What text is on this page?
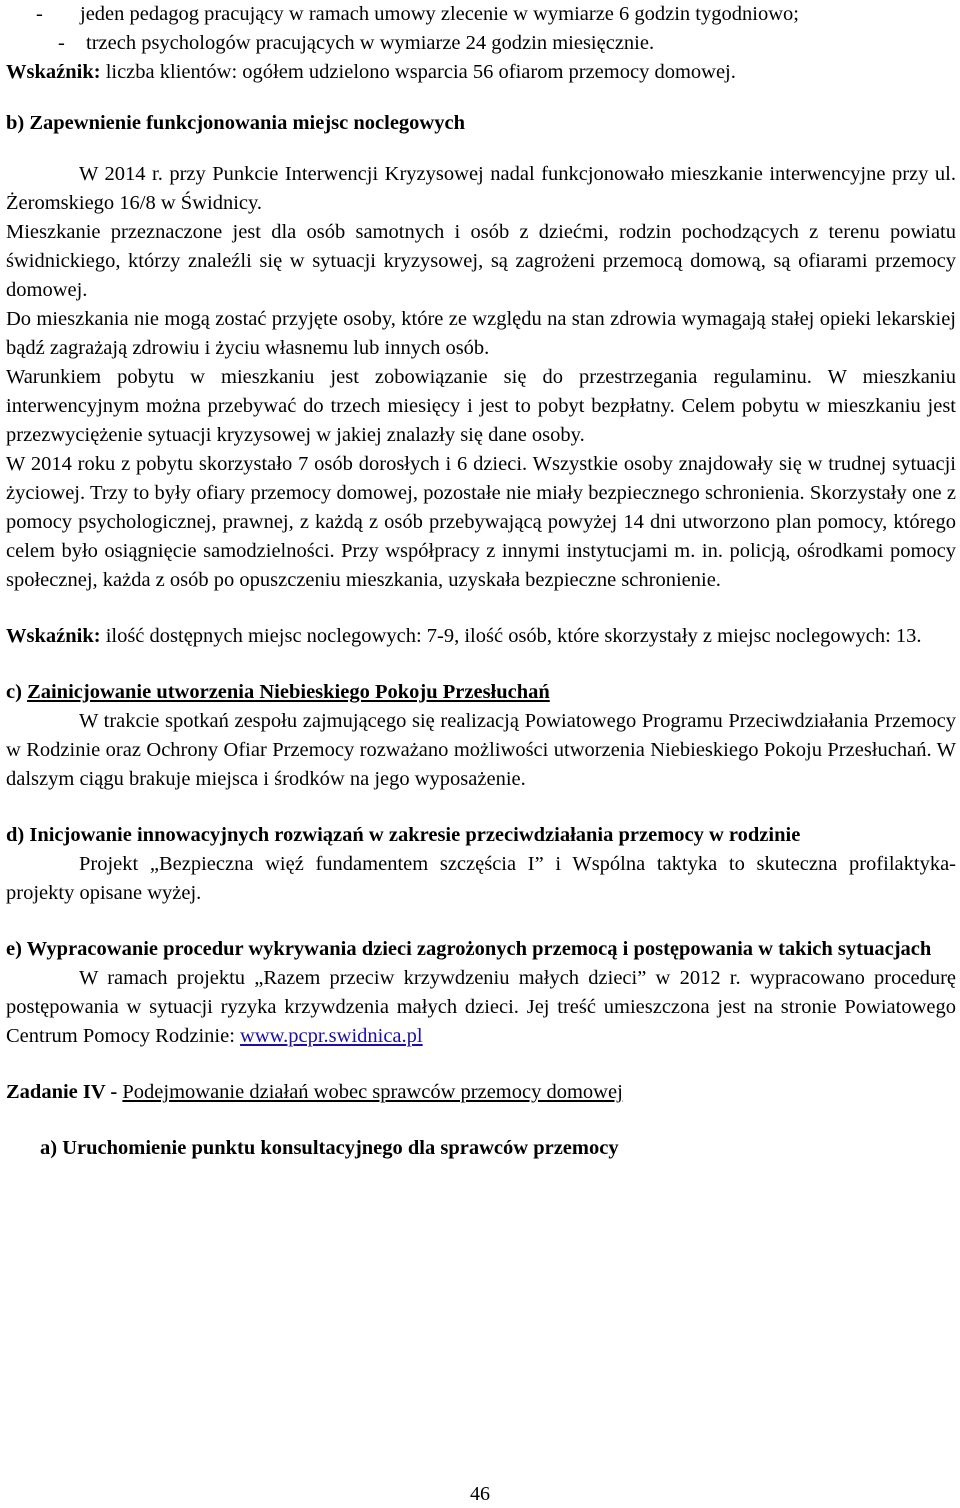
-	jeden pedagog pracujący w ramach umowy zlecenie w wymiarze 6 godzin tygodniowo;
-	trzech psychologów pracujących w wymiarze 24 godzin miesięcznie.

Wskaźnik: liczba klientów: ogółem udzielono wsparcia 56 ofiarom przemocy domowej.

b) Zapewnienie funkcjonowania miejsc noclegowych

W 2014 r. przy Punkcie Interwencji Kryzysowej nadal funkcjonowało mieszkanie interwencyjne przy ul. Żeromskiego 16/8 w Świdnicy.

Mieszkanie przeznaczone jest dla osób samotnych i osób z dziećmi, rodzin pochodzących z terenu powiatu świdnickiego, którzy znaleźli się w sytuacji kryzysowej, są zagrożeni przemocą domową, są ofiarami przemocy domowej.

Do mieszkania nie mogą zostać przyjęte osoby, które ze względu na stan zdrowia wymagają stałej opieki lekarskiej bądź zagrażają zdrowiu i życiu własnemu lub innych osób.

Warunkiem pobytu w mieszkaniu jest zobowiązanie się do przestrzegania regulaminu. W mieszkaniu interwencyjnym można przebywać do trzech miesięcy i jest to pobyt bezpłatny. Celem pobytu w mieszkaniu jest przezwyciężenie sytuacji kryzysowej w jakiej znalazły się dane osoby.

W 2014 roku z pobytu skorzystało 7 osób dorosłych i 6 dzieci. Wszystkie osoby znajdowały się w trudnej sytuacji życiowej. Trzy to były ofiary przemocy domowej, pozostałe nie miały bezpiecznego schronienia. Skorzystały one z pomocy psychologicznej, prawnej, z każdą z osób przebywającą powyżej 14 dni utworzono plan pomocy, którego celem było osiągnięcie samodzielności. Przy współpracy z innymi instytucjami m. in. policją, ośrodkami pomocy społecznej, każda z osób po opuszczeniu mieszkania, uzyskała bezpieczne schronienie.

Wskaźnik: ilość dostępnych miejsc noclegowych: 7-9, ilość osób, które skorzystały z miejsc noclegowych: 13.

c) Zainicjowanie utworzenia Niebieskiego Pokoju Przesłuchań

W trakcie spotkań zespołu zajmującego się realizacją Powiatowego Programu Przeciwdziałania Przemocy w Rodzinie oraz Ochrony Ofiar Przemocy rozważano możliwości utworzenia Niebieskiego Pokoju Przesłuchań. W dalszym ciągu brakuje miejsca i środków na jego wyposażenie.

d) Inicjowanie innowacyjnych rozwiązań w zakresie przeciwdziałania przemocy w rodzinie

Projekt „Bezpieczna więź fundamentem szczęścia I” i Wspólna taktyka to skuteczna profilaktyka- projekty opisane wyżej.

e) Wypracowanie procedur wykrywania dzieci zagrożonych przemocą i postępowania w takich sytuacjach

W ramach projektu „Razem przeciw krzywdzeniu małych dzieci” w 2012 r. wypracowano procedurę postępowania w sytuacji ryzyka krzywdzenia małych dzieci. Jej treść umieszczona jest na stronie Powiatowego Centrum Pomocy Rodzinie: www.pcpr.swidnica.pl

Zadanie IV - Podejmowanie działań wobec sprawców przemocy domowej

a) Uruchomienie punktu konsultacyjnego dla sprawców przemocy

46
